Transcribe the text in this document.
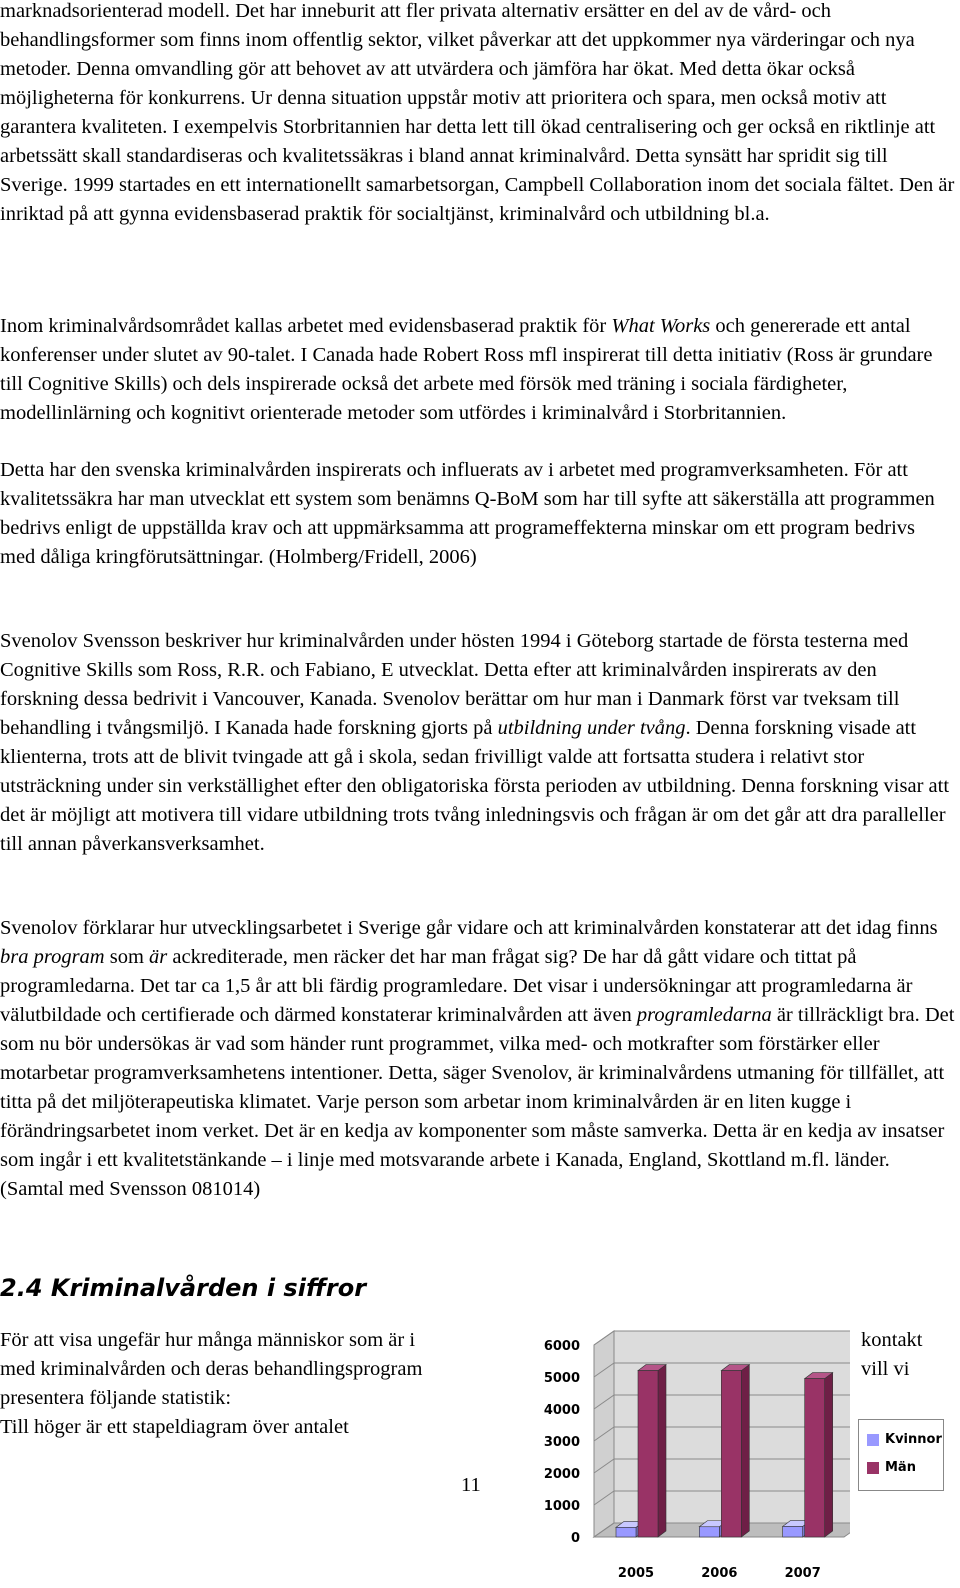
marknadsorienterad modell. Det har inneburit att fler privata alternativ ersätter en del av de vård- och behandlingsformer som finns inom offentlig sektor, vilket påverkar att det uppkommer nya värderingar och nya metoder. Denna omvandling gör att behovet av att utvärdera och jämföra har ökat. Med detta ökar också möjligheterna för konkurrens. Ur denna situation uppstår motiv att prioritera och spara, men också motiv att garantera kvaliteten. I exempelvis Storbritannien har detta lett till ökad centralisering och ger också en riktlinje att arbetssätt skall standardiseras och kvalitetssäkras i bland annat kriminalvård. Detta synsätt har spridit sig till Sverige. 1999 startades en ett internationellt samarbetsorgan, Campbell Collaboration inom det sociala fältet. Den är inriktad på att gynna evidensbaserad praktik för socialtjänst, kriminalvård och utbildning bl.a.
Inom kriminalvårdsområdet kallas arbetet med evidensbaserad praktik för What Works och genererade ett antal konferenser under slutet av 90-talet. I Canada hade Robert Ross mfl inspirerat till detta initiativ (Ross är grundare till Cognitive Skills) och dels inspirerade också det arbete med försök med träning i sociala färdigheter, modellinlärning och kognitivt orienterade metoder som utfördes i kriminalvård i Storbritannien.
Detta har den svenska kriminalvården inspirerats och influerats av i arbetet med programverksamheten. För att kvalitetssäkra har man utvecklat ett system som benämns Q-BoM som har till syfte att säkerställa att programmen bedrivs enligt de uppställda krav och att uppmärksamma att programeffekterna minskar om ett program bedrivs med dåliga kringförutsättningar. (Holmberg/Fridell, 2006)
Svenolov Svensson beskriver hur kriminalvården under hösten 1994 i Göteborg startade de första testerna med Cognitive Skills som Ross, R.R. och Fabiano, E utvecklat. Detta efter att kriminalvården inspirerats av den forskning dessa bedrivit i Vancouver, Kanada. Svenolov berättar om hur man i Danmark först var tveksam till behandling i tvångsmiljö. I Kanada hade forskning gjorts på utbildning under tvång. Denna forskning visade att klienterna, trots att de blivit tvingade att gå i skola, sedan frivilligt valde att fortsatta studera i relativt stor utsträckning under sin verkställighet efter den obligatoriska första perioden av utbildning. Denna forskning visar att det är möjligt att motivera till vidare utbildning trots tvång inledningsvis och frågan är om det går att dra paralleller till annan påverkansverksamhet.
Svenolov förklarar hur utvecklingsarbetet i Sverige går vidare och att kriminalvården konstaterar att det idag finns bra program som är ackrediterade, men räcker det har man frågat sig? De har då gått vidare och tittat på programledarna. Det tar ca 1,5 år att bli färdig programledare. Det visar i undersökningar att programledarna är välutbildade och certifierade och därmed konstaterar kriminalvården att även programledarna är tillräckligt bra. Det som nu bör undersökas är vad som händer runt programmet, vilka med- och motkrafter som förstärker eller motarbetar programverksamhetens intentioner. Detta, säger Svenolov, är kriminalvårdens utmaning för tillfället, att titta på det miljöterapeutiska klimatet. Varje person som arbetar inom kriminalvården är en liten kugge i förändringsarbetet inom verket. Det är en kedja av komponenter som måste samverka. Detta är en kedja av insatser som ingår i ett kvalitetstänkande – i linje med motsvarande arbete i Kanada, England, Skottland m.fl. länder. (Samtal med Svensson 081014)
2.4 Kriminalvården i siffror
För att visa ungefär hur många människor som är i	kontakt
med kriminalvården och deras behandlingsprogram	vill vi
presentera följande statistik:
Till höger är ett stapeldiagram över antalet
11
0
1000
2000
3000
4000
5000
6000
2005	2006	2007
Kvinnor
Män
